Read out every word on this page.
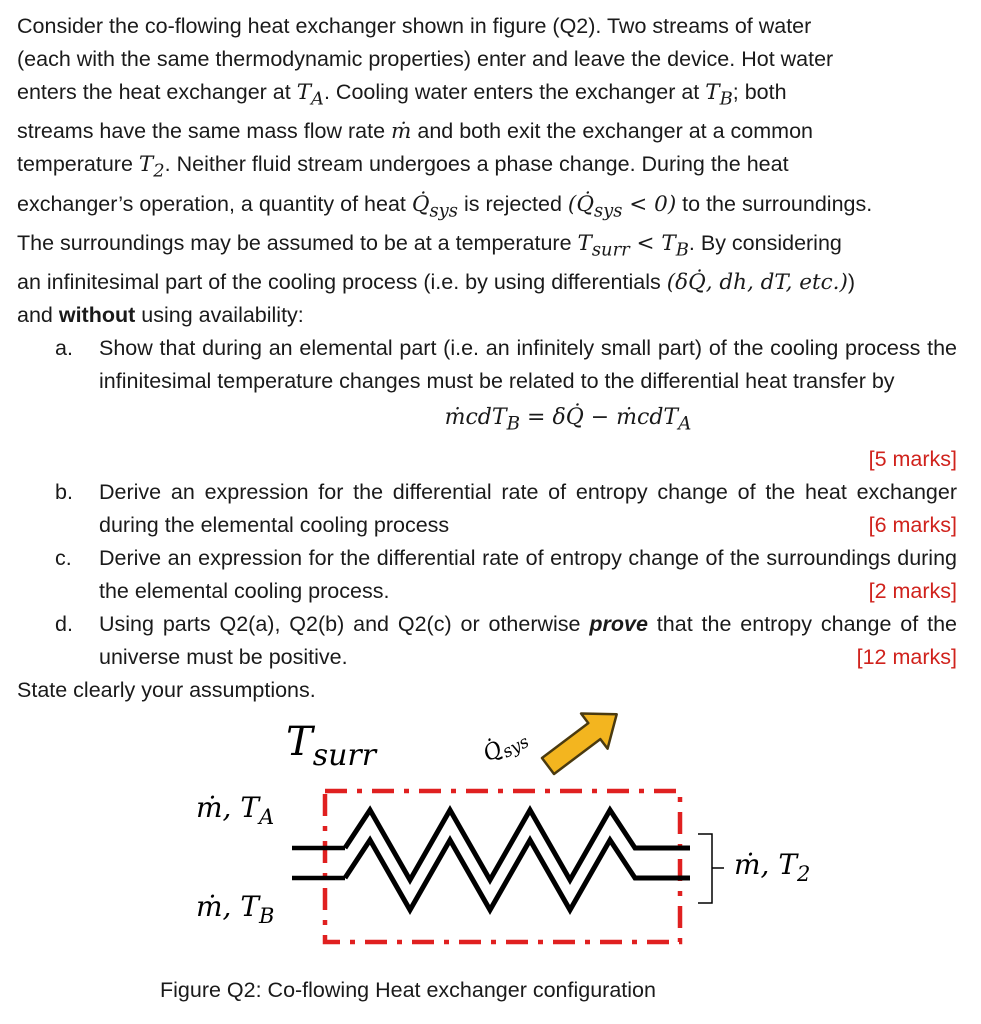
Consider the co-flowing heat exchanger shown in figure (Q2). Two streams of water
(each with the same thermodynamic properties) enter and leave the device. Hot water
enters the heat exchanger at $T_A$. Cooling water enters the exchanger at $T_B$; both
streams have the same mass flow rate ṁ and both exit the exchanger at a common
temperature $T_2$. Neither fluid stream undergoes a phase change. During the heat
exchanger’s operation, a quantity of heat $Q̇_{sys}$ is rejected $(Q̇_{sys} < 0)$ to the surroundings.
The surroundings may be assumed to be at a temperature $T_{surr} < T_B$. By considering
an infinitesimal part of the cooling process (i.e. by using differentials (δQ̇, dh, dT, etc.))
and without using availability:

a. Show that during an elemental part (i.e. an infinitely small part) of the cooling process the infinitesimal temperature changes must be related to the differential heat transfer by
ṁcdT$_B$ = δQ̇ − ṁcdT$_A$
[5 marks]
b. Derive an expression for the differential rate of entropy change of the heat exchanger during the elemental cooling process	[6 marks]
c. Derive an expression for the differential rate of entropy change of the surroundings during the elemental cooling process.	[2 marks]
d. Using parts Q2(a), Q2(b) and Q2(c) or otherwise prove that the entropy change of the universe must be positive.	[12 marks]

State clearly your assumptions.

$T_{surr}$	$Q̇_{sys}$
ṁ, $T_A$
ṁ, $T_B$
ṁ, $T_2$
Figure Q2: Co-flowing Heat exchanger configuration
